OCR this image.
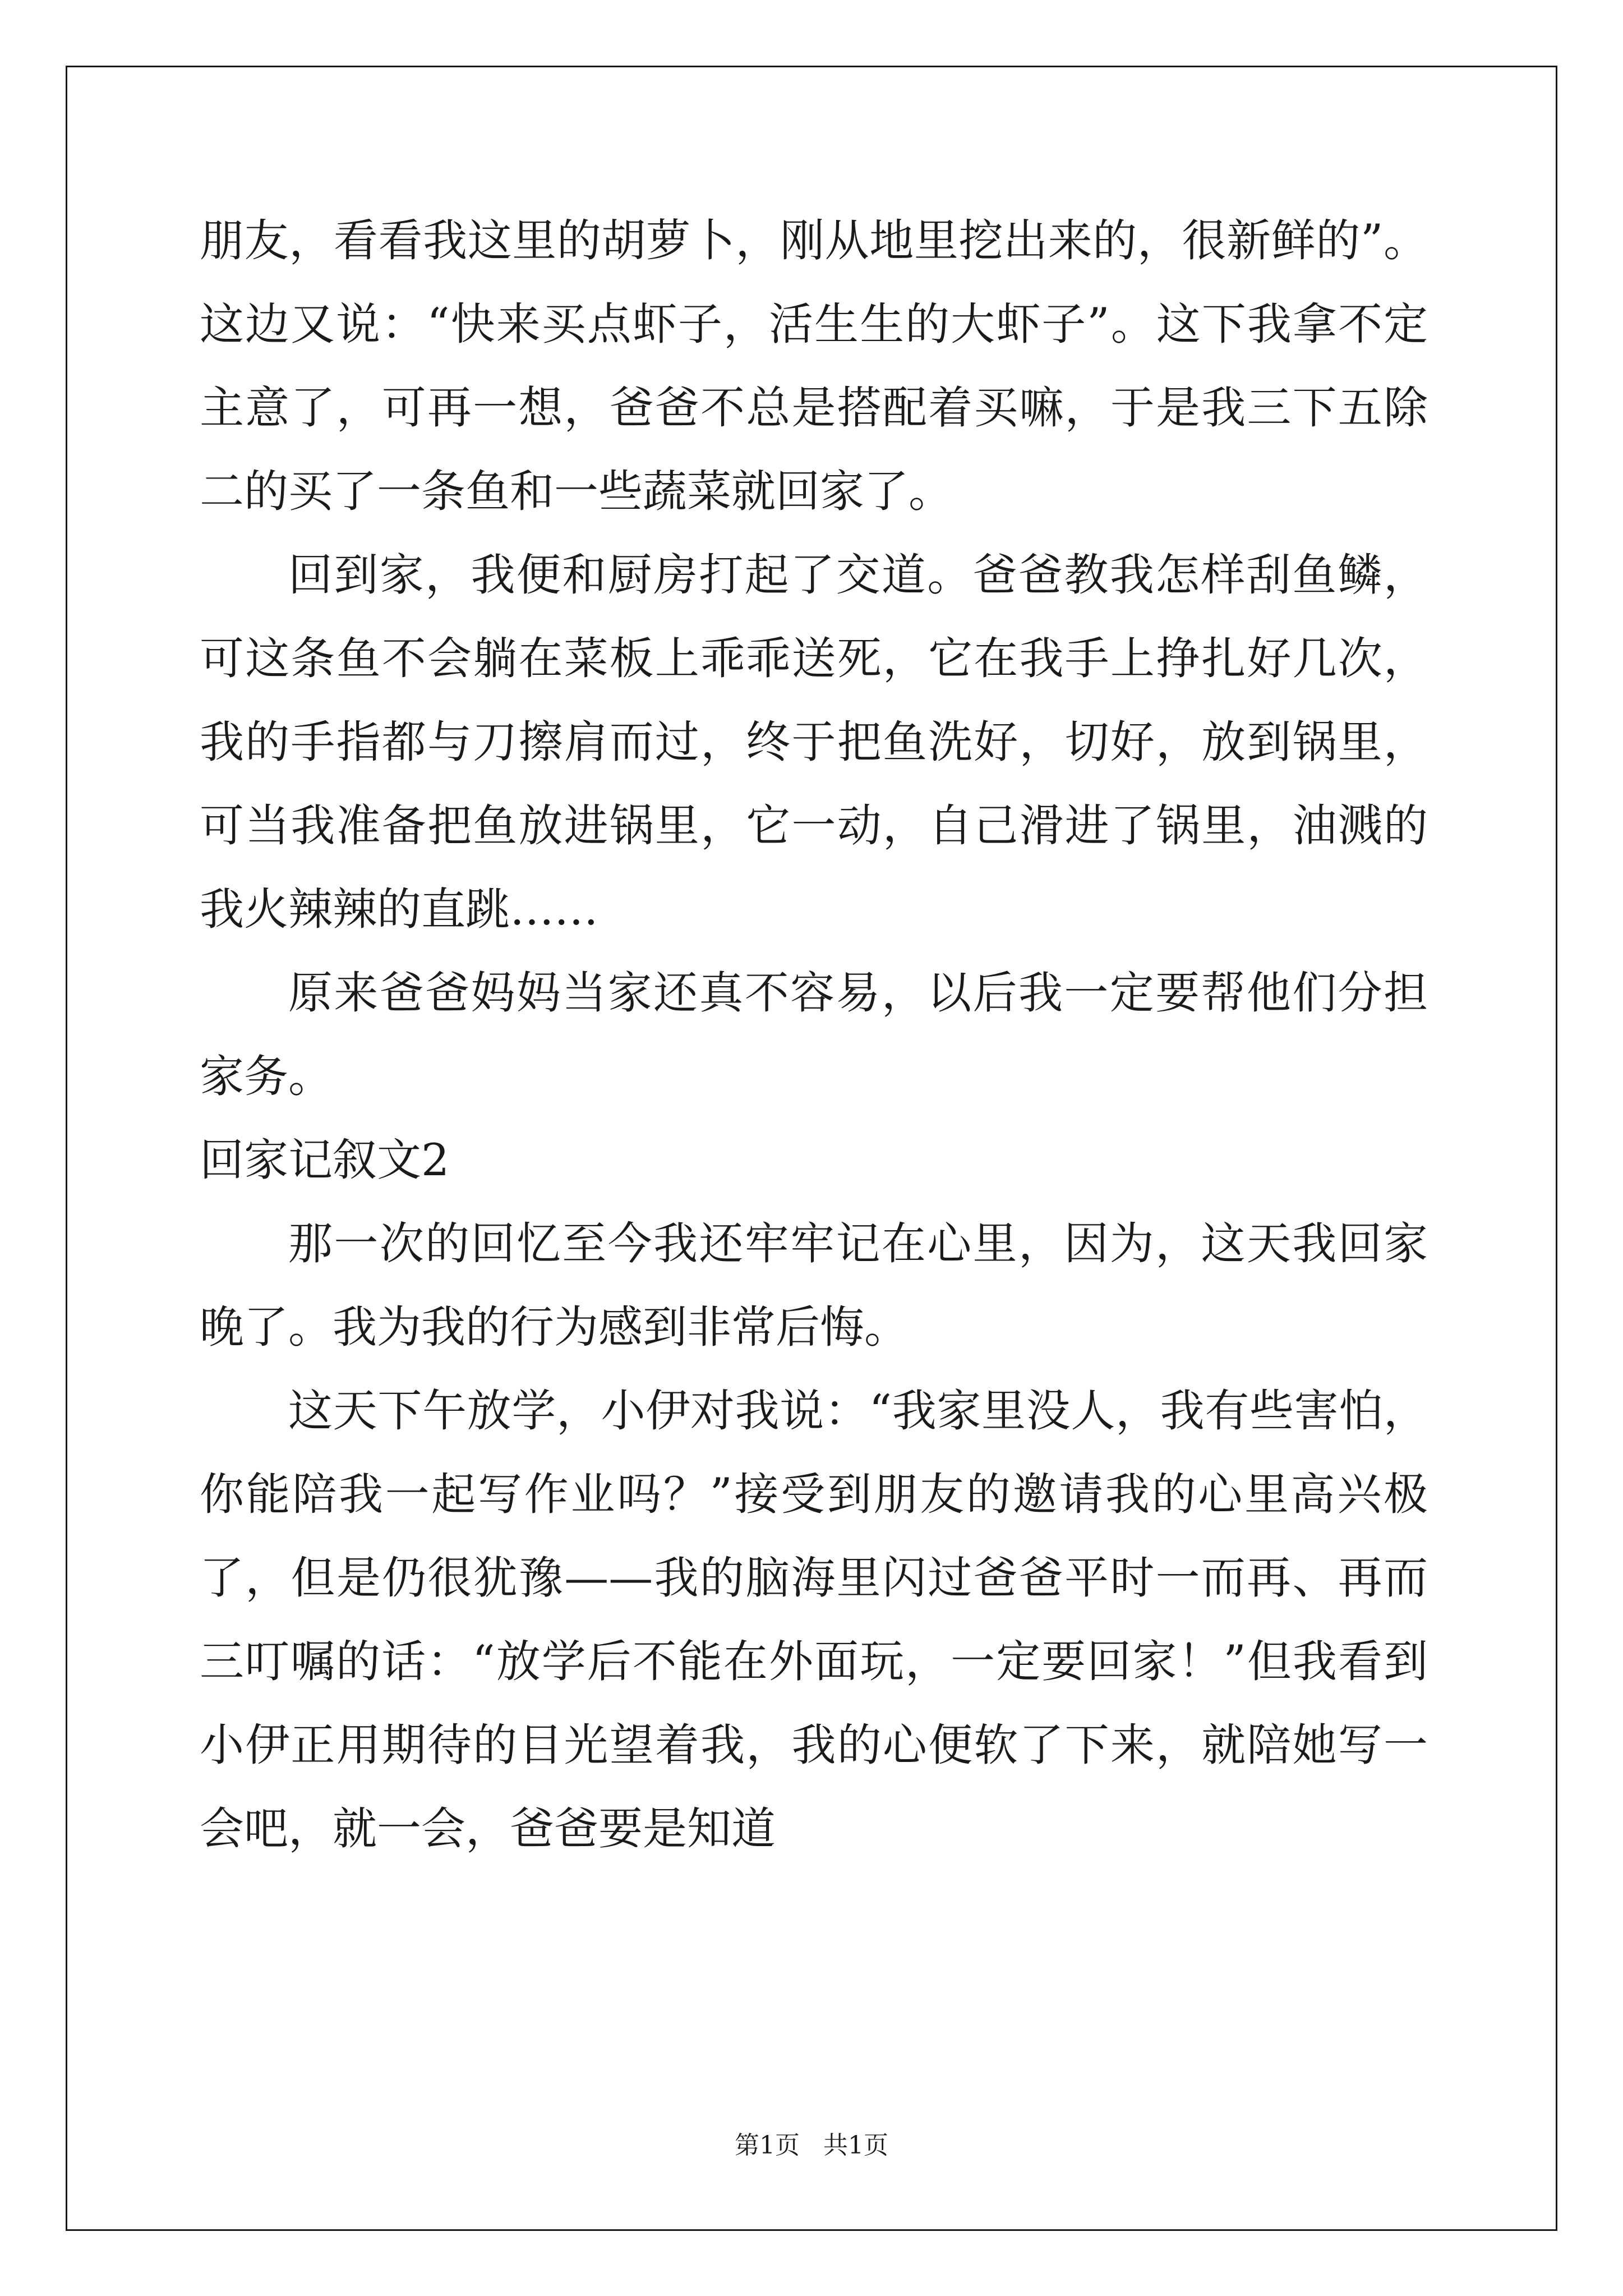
朋友，看看我这里的胡萝卜，刚从地里挖出来的，很新鲜的”。这边又说：“快来买点虾子，活生生的大虾子”。这下我拿不定主意了，可再一想，爸爸不总是搭配着买嘛，于是我三下五除二的买了一条鱼和一些蔬菜就回家了。

回到家，我便和厨房打起了交道。爸爸教我怎样刮鱼鳞，可这条鱼不会躺在菜板上乖乖送死，它在我手上挣扎好几次，我的手指都与刀擦肩而过，终于把鱼洗好，切好，放到锅里，可当我准备把鱼放进锅里，它一动，自己滑进了锅里，油溅的我火辣辣的直跳……

原来爸爸妈妈当家还真不容易，以后我一定要帮他们分担家务。

回家记叙文2

那一次的回忆至今我还牢牢记在心里，因为，这天我回家晚了。我为我的行为感到非常后悔。

这天下午放学，小伊对我说：“我家里没人，我有些害怕，你能陪我一起写作业吗？”接受到朋友的邀请我的心里高兴极了，但是仍很犹豫——我的脑海里闪过爸爸平时一而再、再而三叮嘱的话：“放学后不能在外面玩，一定要回家！”但我看到小伊正用期待的目光望着我，我的心便软了下来，就陪她写一会吧，就一会，爸爸要是知道

第1页   共1页
